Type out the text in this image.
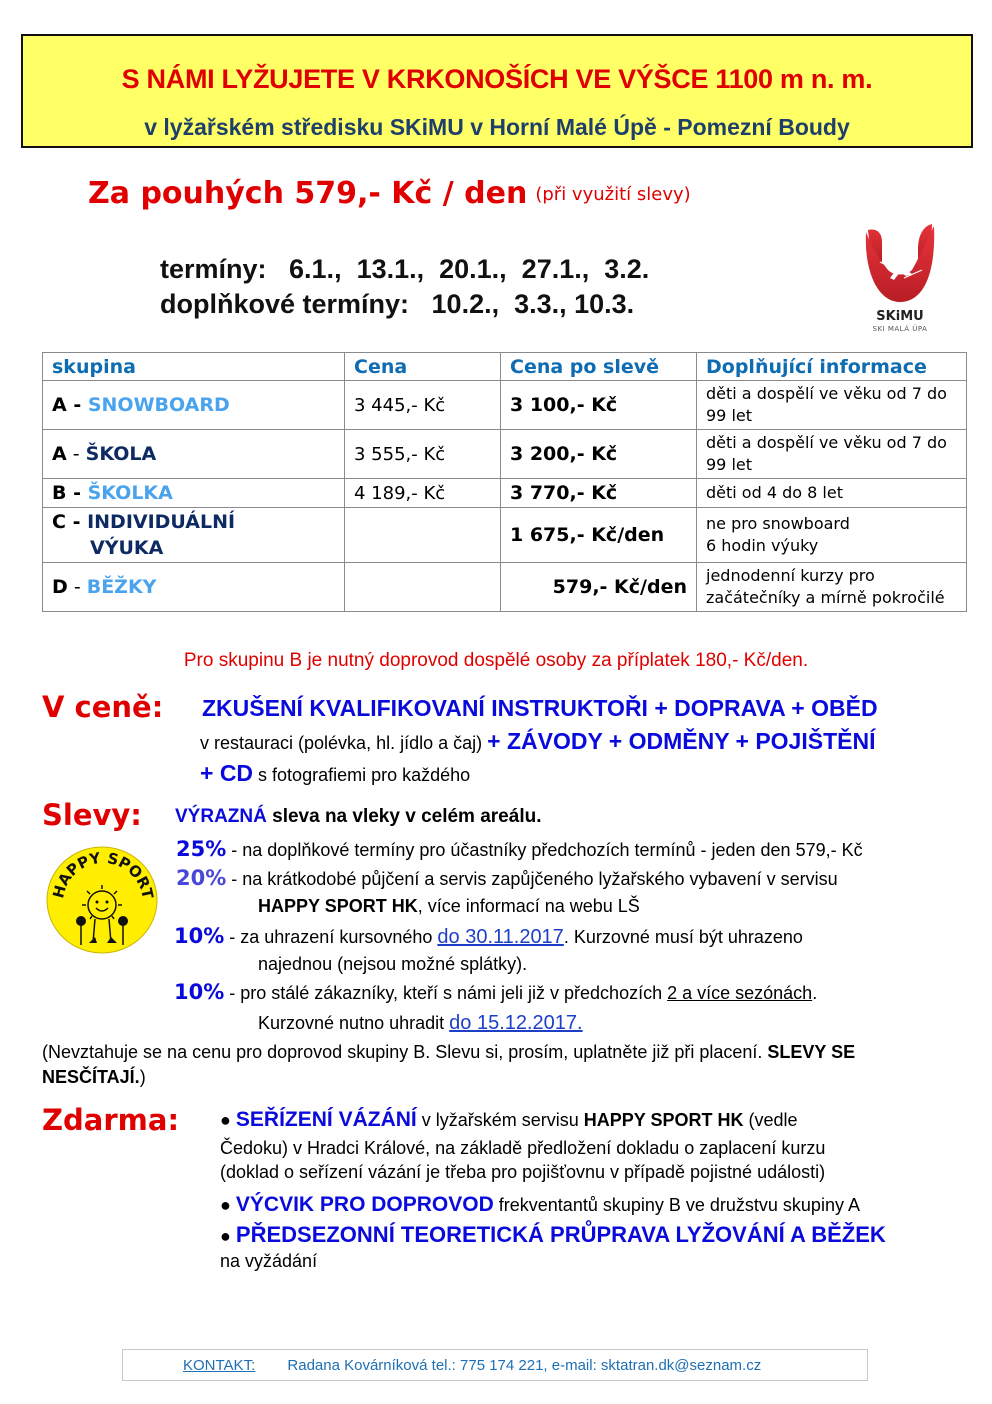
S NÁMI LYŽUJETE V KRKONOŠÍCH VE VÝŠCE 1100 m n. m.
v lyžařském středisku SKiMU v Horní Malé Úpě - Pomezní Boudy
Za pouhých 579,- Kč / den (při využití slevy)
termíny:   6.1.,  13.1.,  20.1.,  27.1.,  3.2.
doplňkové termíny:   10.2.,  3.3., 10.3.	SKiMU
SKI MALÁ ÚPA
skupina	Cena	Cena po slevě	Doplňující informace
A - SNOWBOARD	3 445,- Kč	3 100,- Kč	děti a dospělí ve věku od 7 do 99 let
A - ŠKOLA	3 555,- Kč	3 200,- Kč	děti a dospělí ve věku od 7 do 99 let
B - ŠKOLKA	4 189,- Kč	3 770,- Kč	děti od 4 do 8 let
C - INDIVIDUÁLNÍ
VÝUKA		1 675,- Kč/den	ne pro snowboard
6 hodin výuky
D - BĚŽKY		579,- Kč/den	jednodenní kurzy pro začátečníky a mírně pokročilé
Pro skupinu B je nutný doprovod dospělé osoby za příplatek 180,- Kč/den.
V ceně: ZKUŠENÍ KVALIFIKOVANÍ INSTRUKTOŘI + DOPRAVA + OBĚD
v restauraci (polévka, hl. jídlo a čaj) + ZÁVODY + ODMĚNY + POJIŠTĚNÍ
+ CD s fotografiemi pro každého
Slevy: VÝRAZNÁ sleva na vleky v celém areálu.
HAPPY SPORT
25% - na doplňkové termíny pro účastníky předchozích termínů - jeden den 579,- Kč
20% - na krátkodobé půjčení a servis zapůjčeného lyžařského vybavení v servisu
HAPPY SPORT HK, více informací na webu LŠ
10% - za uhrazení kursovného do 30.11.2017. Kurzovné musí být uhrazeno
najednou (nejsou možné splátky).
10% - pro stálé zákazníky, kteří s námi jeli již v předchozích 2 a více sezónách.
Kurzovné nutno uhradit do 15.12.2017.
(Nevztahuje se na cenu pro doprovod skupiny B. Slevu si, prosím, uplatněte již při placení. SLEVY SE NESČÍTAJÍ.)
Zdarma: ● SEŘÍZENÍ VÁZÁNÍ v lyžařském servisu HAPPY SPORT HK (vedle
Čedoku) v Hradci Králové, na základě předložení dokladu o zaplacení kurzu
(doklad o seřízení vázání je třeba pro pojišťovnu v případě pojistné události)
● VÝCVIK PRO DOPROVOD frekventantů skupiny B ve družstvu skupiny A
● PŘEDSEZONNÍ TEORETICKÁ PRŮPRAVA LYŽOVÁNÍ A BĚŽEK
na vyžádání
KONTAKT: Radana Kovárníková tel.: 775 174 221, e-mail: sktatran.dk@seznam.cz
